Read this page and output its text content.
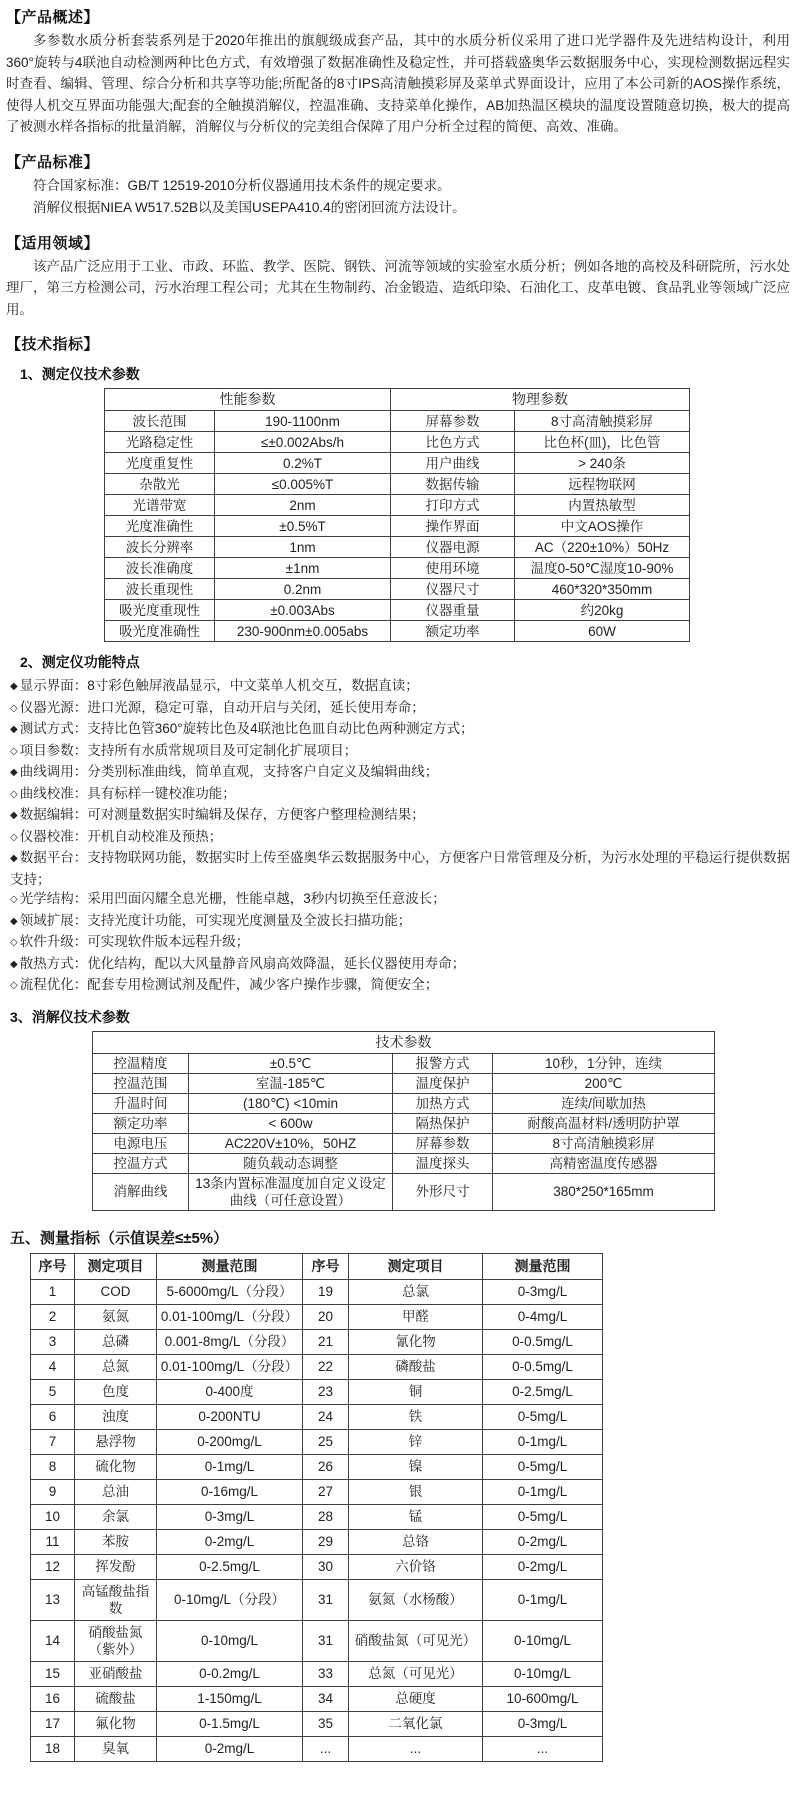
【产品概述】

多参数水质分析套装系列是于2020年推出的旗舰级成套产品，其中的水质分析仪采用了进口光学器件及先进结构设计，利用360°旋转与4联池自动检测两种比色方式，有效增强了数据准确性及稳定性，并可搭载盛奥华云数据服务中心，实现检测数据远程实时查看、编辑、管理、综合分析和共享等功能;所配备的8寸IPS高清触摸彩屏及菜单式界面设计，应用了本公司新的AOS操作系统，使得人机交互界面功能强大;配套的全触摸消解仪，控温准确、支持菜单化操作，AB加热温区模块的温度设置随意切换，极大的提高了被测水样各指标的批量消解，消解仪与分析仪的完美组合保障了用户分析全过程的简便、高效、准确。

【产品标准】

符合国家标准：GB/T 12519-2010分析仪器通用技术条件的规定要求。

消解仪根据NIEA W517.52B以及美国USEPA410.4的密闭回流方法设计。

【适用领域】

该产品广泛应用于工业、市政、环监、教学、医院、钢铁、河流等领域的实验室水质分析；例如各地的高校及科研院所，污水处理厂，第三方检测公司，污水治理工程公司；尤其在生物制药、冶金锻造、造纸印染、石油化工、皮革电镀、食品乳业等领域广泛应用。

【技术指标】
1、测定仪技术参数
性能参数		物理参数	
波长范围	190-1100nm	屏幕参数	8寸高清触摸彩屏
光路稳定性	≤±0.002Abs/h	比色方式	比色杯(皿)，比色管
光度重复性	0.2%T	用户曲线	> 240条
杂散光	≤0.005%T	数据传输	远程物联网
光谱带宽	2nm	打印方式	内置热敏型
光度准确性	±0.5%T	操作界面	中文AOS操作
波长分辨率	1nm	仪器电源	AC（220±10%）50Hz
波长准确度	±1nm	使用环境	温度0-50℃湿度10-90%
波长重现性	0.2nm	仪器尺寸	460*320*350mm
吸光度重现性	±0.003Abs	仪器重量	约20kg
吸光度准确性	230-900nm±0.005abs	额定功率	60W
2、测定仪功能特点
◆ 显示界面：8寸彩色触屏液晶显示，中文菜单人机交互，数据直读；
◇ 仪器光源：进口光源，稳定可靠，自动开启与关闭，延长使用寿命；
◆ 测试方式：支持比色管360°旋转比色及4联池比色皿自动比色两种测定方式；
◇ 项目参数：支持所有水质常规项目及可定制化扩展项目；
◆ 曲线调用：分类别标准曲线，简单直观，支持客户自定义及编辑曲线；
◇ 曲线校准：具有标样一键校准功能；
◆ 数据编辑：可对测量数据实时编辑及保存，方便客户整理检测结果；
◇ 仪器校准：开机自动校准及预热；
◆ 数据平台：支持物联网功能，数据实时上传至盛奥华云数据服务中心，方便客户日常管理及分析，为污水处理的平稳运行提供数据支持；
◇ 光学结构：采用凹面闪耀全息光栅，性能卓越，3秒内切换至任意波长；
◆ 领域扩展：支持光度计功能，可实现光度测量及全波长扫描功能；
◇ 软件升级：可实现软件版本远程升级；
◆ 散热方式：优化结构，配以大风量静音风扇高效降温，延长仪器使用寿命；
◇ 流程优化：配套专用检测试剂及配件，减少客户操作步骤，简便安全；
3、消解仪技术参数
技术参数			
控温精度	±0.5℃	报警方式	10秒，1分钟，连续
控温范围	室温-185℃	温度保护	200℃
升温时间	(180℃) <10min	加热方式	连续/间歇加热
额定功率	< 600w	隔热保护	耐酸高温材料/透明防护罩
电源电压	AC220V±10%，50HZ	屏幕参数	8寸高清触摸彩屏
控温方式	随负载动态调整	温度探头	高精密温度传感器
消解曲线	13条内置标准温度加自定义设定曲线（可任意设置）	外形尺寸	380*250*165mm
五、测量指标（示值误差≤±5%）
序号	测定项目	测量范围	序号	测定项目	测量范围
1	COD	5-6000mg/L（分段）	19	总氯	0-3mg/L
2	氨氮	0.01-100mg/L（分段）	20	甲醛	0-4mg/L
3	总磷	0.001-8mg/L（分段）	21	氰化物	0-0.5mg/L
4	总氮	0.01-100mg/L（分段）	22	磷酸盐	0-0.5mg/L
5	色度	0-400度	23	铜	0-2.5mg/L
6	浊度	0-200NTU	24	铁	0-5mg/L
7	悬浮物	0-200mg/L	25	锌	0-1mg/L
8	硫化物	0-1mg/L	26	镍	0-5mg/L
9	总油	0-16mg/L	27	银	0-1mg/L
10	余氯	0-3mg/L	28	锰	0-5mg/L
11	苯胺	0-2mg/L	29	总铬	0-2mg/L
12	挥发酚	0-2.5mg/L	30	六价铬	0-2mg/L
13	高锰酸盐指数	0-10mg/L（分段）	31	氨氮（水杨酸）	0-1mg/L
14	硝酸盐氮（紫外）	0-10mg/L	31	硝酸盐氮（可见光）	0-10mg/L
15	亚硝酸盐	0-0.2mg/L	33	总氮（可见光）	0-10mg/L
16	硫酸盐	1-150mg/L	34	总硬度	10-600mg/L
17	氟化物	0-1.5mg/L	35	二氧化氯	0-3mg/L
18	臭氧	0-2mg/L	...	...	...
